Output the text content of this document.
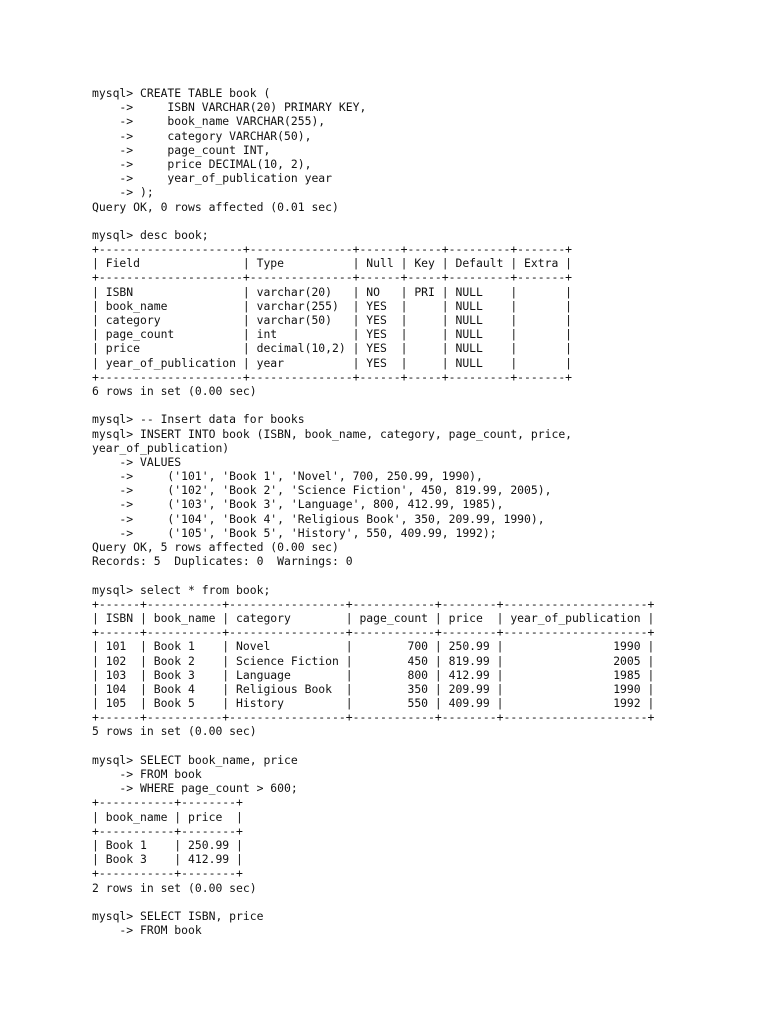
mysql> CREATE TABLE book (
->     ISBN VARCHAR(20) PRIMARY KEY,
->     book_name VARCHAR(255),
->     category VARCHAR(50),
->     page_count INT,
->     price DECIMAL(10, 2),
->     year_of_publication year
-> );
Query OK, 0 rows affected (0.01 sec)
mysql> desc book;
+---------------------+---------------+------+-----+---------+-------+
| Field               | Type          | Null | Key | Default | Extra |
+---------------------+---------------+------+-----+---------+-------+
| ISBN                | varchar(20)   | NO   | PRI | NULL    |       |
| book_name           | varchar(255)  | YES  |     | NULL    |       |
| category            | varchar(50)   | YES  |     | NULL    |       |
| page_count          | int           | YES  |     | NULL    |       |
| price               | decimal(10,2) | YES  |     | NULL    |       |
| year_of_publication | year          | YES  |     | NULL    |       |
+---------------------+---------------+------+-----+---------+-------+
6 rows in set (0.00 sec)
mysql> -- Insert data for books
mysql> INSERT INTO book (ISBN, book_name, category, page_count, price,
year_of_publication)
-> VALUES
->     ('101', 'Book 1', 'Novel', 700, 250.99, 1990),
->     ('102', 'Book 2', 'Science Fiction', 450, 819.99, 2005),
->     ('103', 'Book 3', 'Language', 800, 412.99, 1985),
->     ('104', 'Book 4', 'Religious Book', 350, 209.99, 1990),
->     ('105', 'Book 5', 'History', 550, 409.99, 1992);
Query OK, 5 rows affected (0.00 sec)
Records: 5  Duplicates: 0  Warnings: 0
mysql> select * from book;
+------+-----------+-----------------+------------+--------+---------------------+
| ISBN | book_name | category        | page_count | price  | year_of_publication |
+------+-----------+-----------------+------------+--------+---------------------+
| 101  | Book 1    | Novel           |        700 | 250.99 |                1990 |
| 102  | Book 2    | Science Fiction |        450 | 819.99 |                2005 |
| 103  | Book 3    | Language        |        800 | 412.99 |                1985 |
| 104  | Book 4    | Religious Book  |        350 | 209.99 |                1990 |
| 105  | Book 5    | History         |        550 | 409.99 |                1992 |
+------+-----------+-----------------+------------+--------+---------------------+
5 rows in set (0.00 sec)
mysql> SELECT book_name, price
-> FROM book
-> WHERE page_count > 600;
+-----------+--------+
| book_name | price  |
+-----------+--------+
| Book 1    | 250.99 |
| Book 3    | 412.99 |
+-----------+--------+
2 rows in set (0.00 sec)
mysql> SELECT ISBN, price
-> FROM book
